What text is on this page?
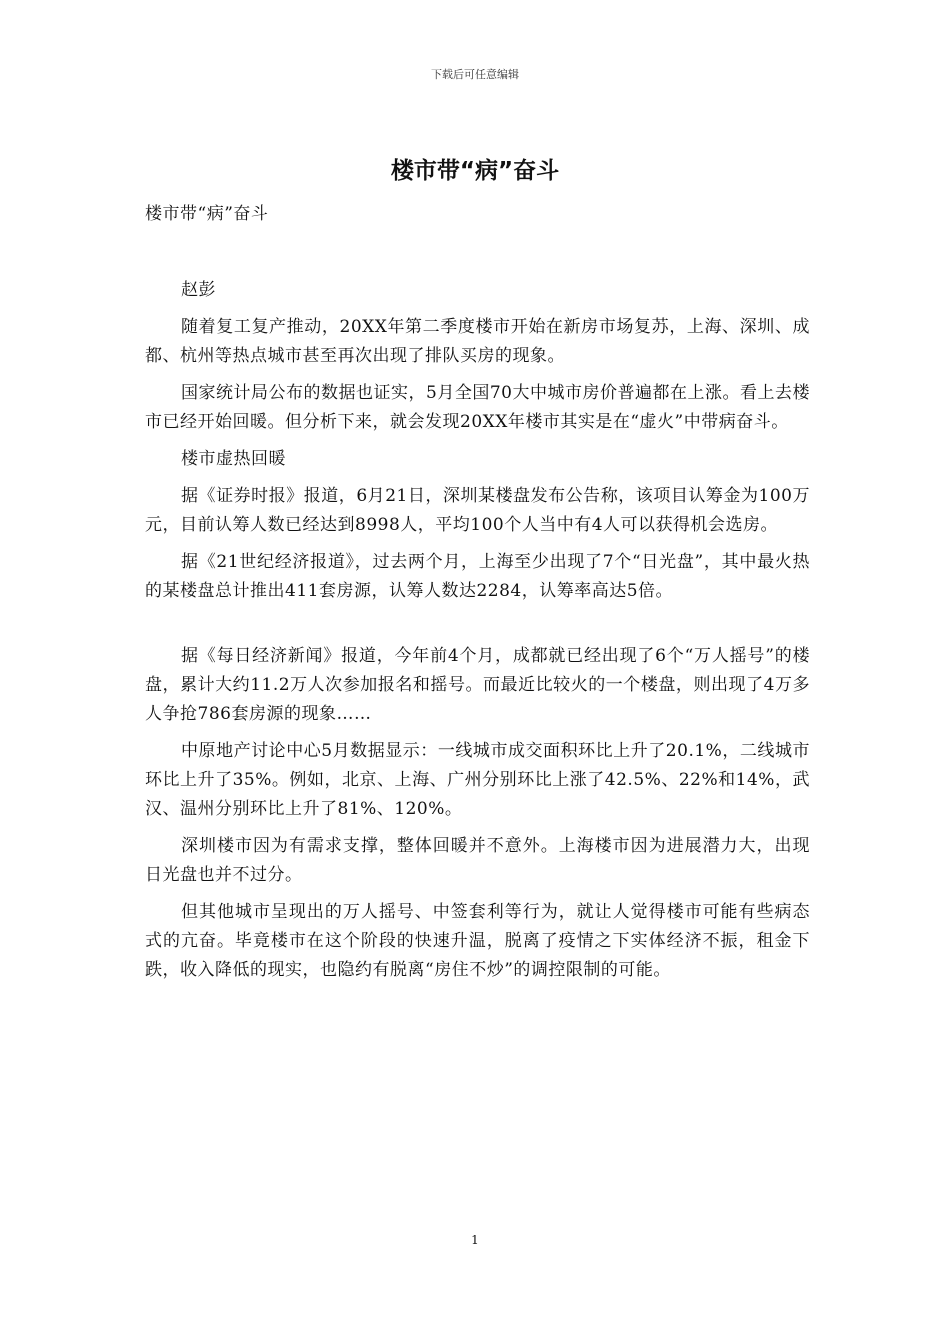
下载后可任意编辑
楼市带“病”奋斗

楼市带“病”奋斗

赵彭

随着复工复产推动，20XX年第二季度楼市开始在新房市场复苏，上海、深圳、成都、杭州等热点城市甚至再次出现了排队买房的现象。

国家统计局公布的数据也证实，5月全国70大中城市房价普遍都在上涨。看上去楼市已经开始回暖。但分析下来，就会发现20XX年楼市其实是在“虚火”中带病奋斗。

楼市虚热回暖

据《证券时报》报道，6月21日，深圳某楼盘发布公告称，该项目认筹金为100万元，目前认筹人数已经达到8998人，平均100个人当中有4人可以获得机会选房。

据《21世纪经济报道》，过去两个月，上海至少出现了7个“日光盘”，其中最火热的某楼盘总计推出411套房源，认筹人数达2284，认筹率高达5倍。

据《每日经济新闻》报道，今年前4个月，成都就已经出现了6个“万人摇号”的楼盘，累计大约11.2万人次参加报名和摇号。而最近比较火的一个楼盘，则出现了4万多人争抢786套房源的现象……

中原地产讨论中心5月数据显示：一线城市成交面积环比上升了20.1%，二线城市环比上升了35%。例如，北京、上海、广州分别环比上涨了42.5%、22%和14%，武汉、温州分别环比上升了81%、120%。

深圳楼市因为有需求支撑，整体回暖并不意外。上海楼市因为进展潜力大，出现日光盘也并不过分。

但其他城市呈现出的万人摇号、中签套利等行为，就让人觉得楼市可能有些病态式的亢奋。毕竟楼市在这个阶段的快速升温，脱离了疫情之下实体经济不振，租金下跌，收入降低的现实，也隐约有脱离“房住不炒”的调控限制的可能。

1
